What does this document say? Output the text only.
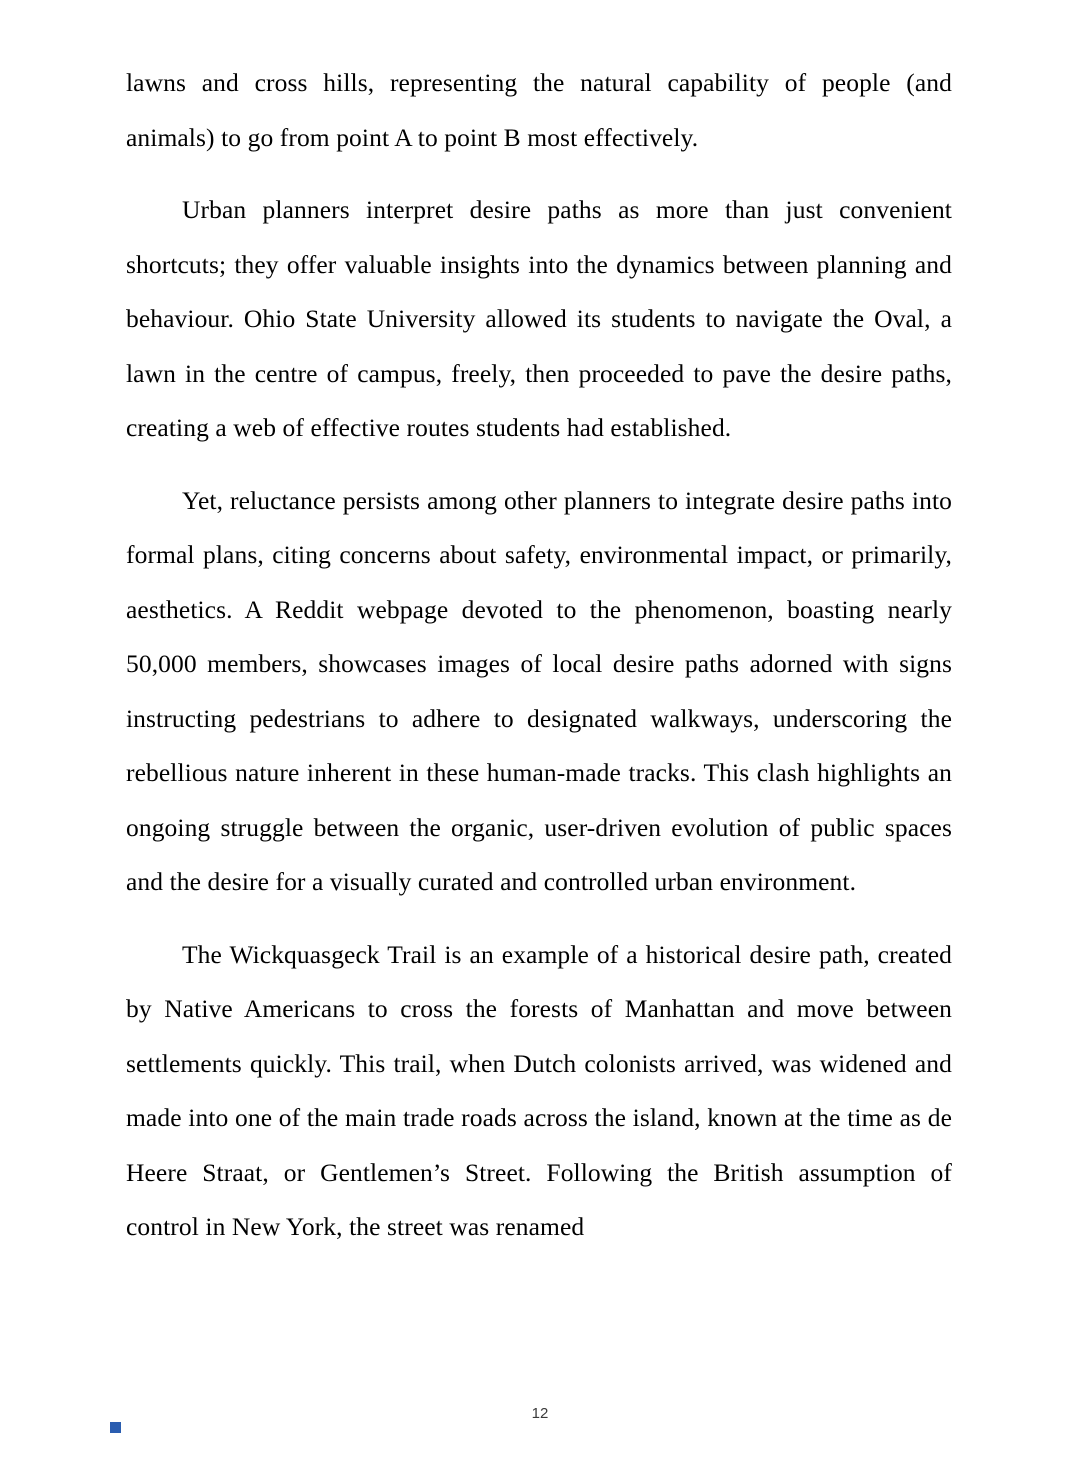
lawns and cross hills, representing the natural capability of people (and animals) to go from point A to point B most effectively.

Urban planners interpret desire paths as more than just convenient shortcuts; they offer valuable insights into the dynamics between planning and behaviour. Ohio State University allowed its students to navigate the Oval, a lawn in the centre of campus, freely, then proceeded to pave the desire paths, creating a web of effective routes students had established.

Yet, reluctance persists among other planners to integrate desire paths into formal plans, citing concerns about safety, environmental impact, or primarily, aesthetics. A Reddit webpage devoted to the phenomenon, boasting nearly 50,000 members, showcases images of local desire paths adorned with signs instructing pedestrians to adhere to designated walkways, underscoring the rebellious nature inherent in these human-made tracks. This clash highlights an ongoing struggle between the organic, user-driven evolution of public spaces and the desire for a visually curated and controlled urban environment.

The Wickquasgeck Trail is an example of a historical desire path, created by Native Americans to cross the forests of Manhattan and move between settlements quickly. This trail, when Dutch colonists arrived, was widened and made into one of the main trade roads across the island, known at the time as de Heere Straat, or Gentlemen’s Street. Following the British assumption of control in New York, the street was renamed

12
